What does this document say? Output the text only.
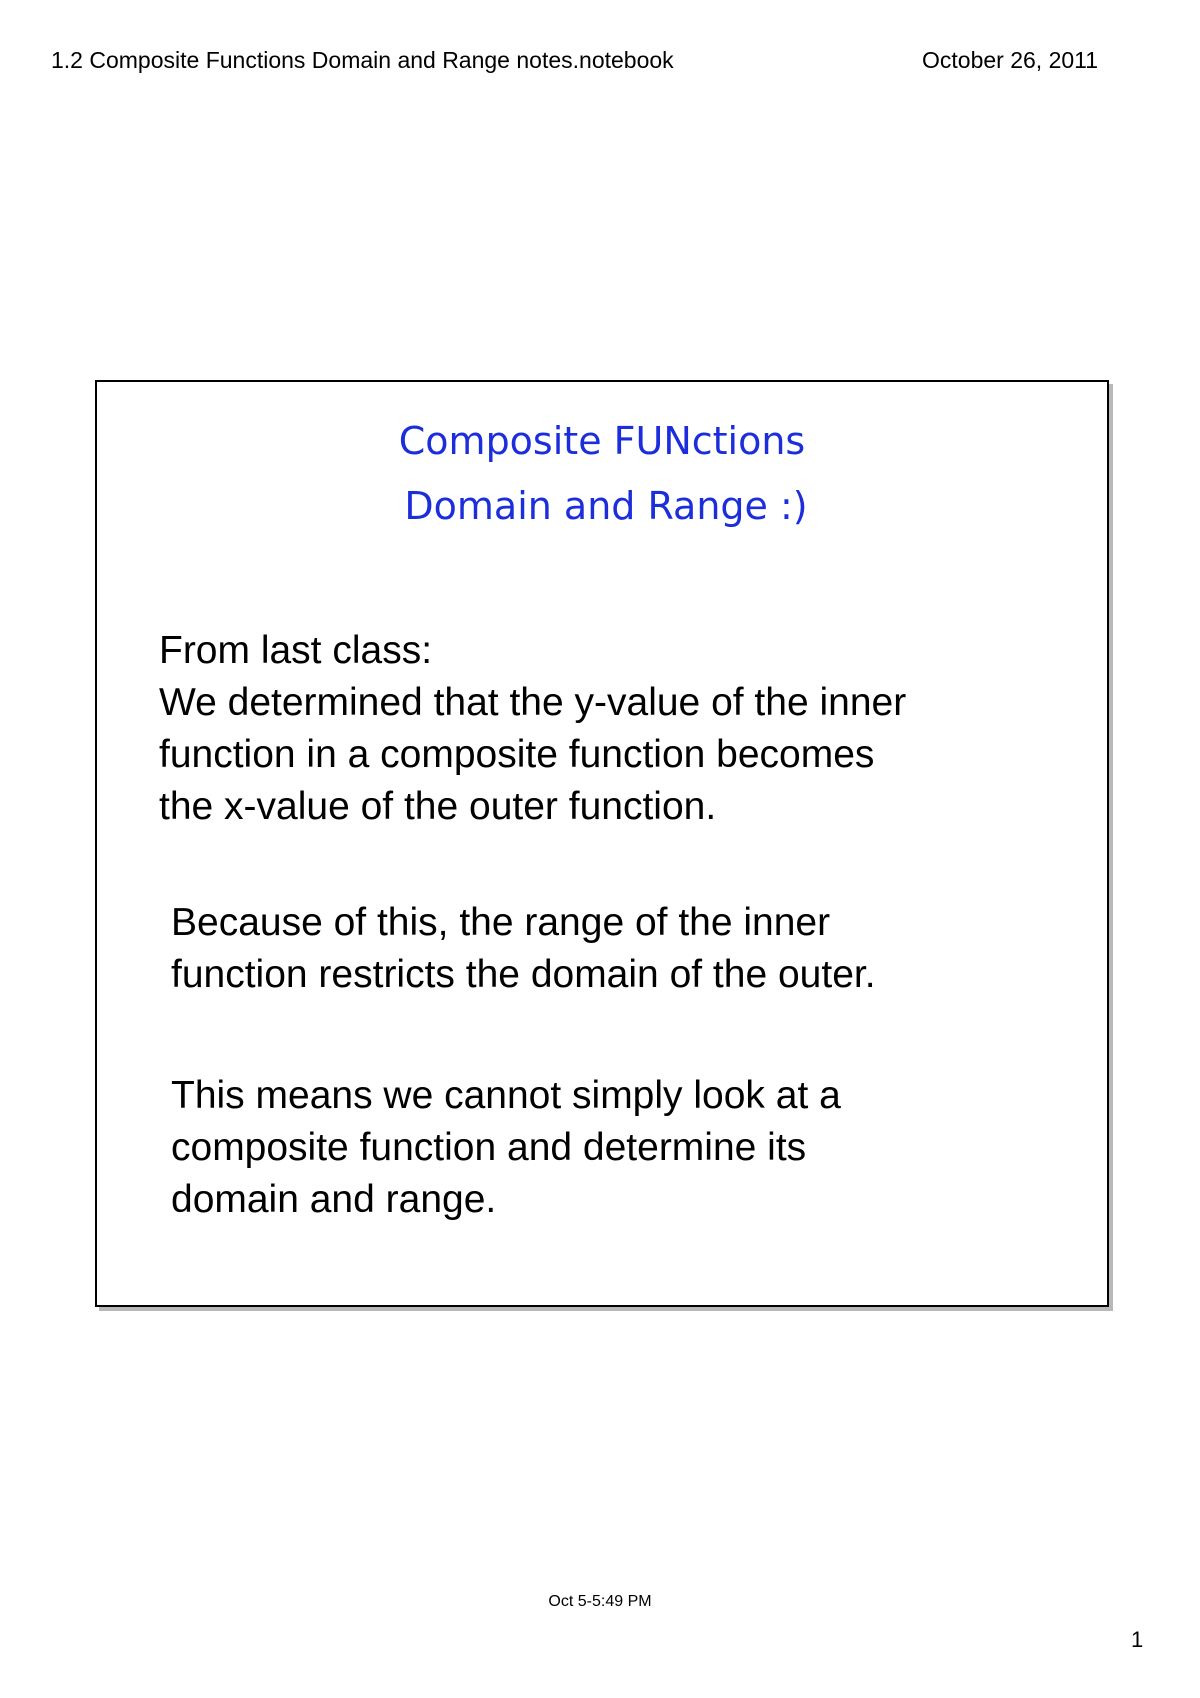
1.2 Composite Functions Domain and Range notes.notebook	October 26, 2011
Composite FUNctions
Domain and Range :)
From last class:
We determined that the y-value of the inner
function in a composite function becomes
the x-value of the outer function.
Because of this, the range of the inner
function restricts the domain of the outer.
This means we cannot simply look at a
composite function and determine its
domain and range.
Oct 5-5:49 PM
1
